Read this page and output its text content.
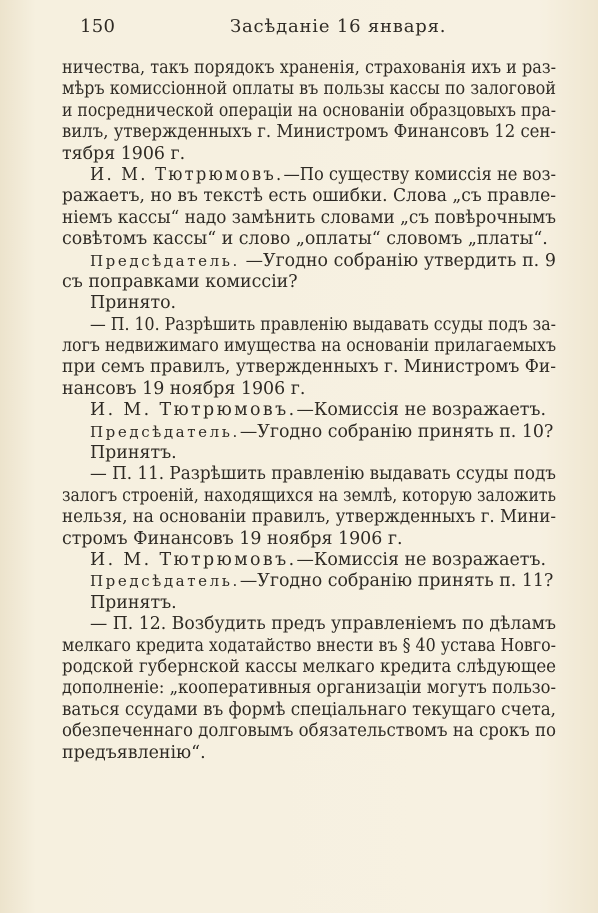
150	Засѣданіе 16 января.
ничества, такъ порядокъ храненія, страхованія ихъ и раз-
мѣръ комиссіонной оплаты въ пользы кассы по залоговой
и посреднической операціи на основаніи образцовыхъ пра-
вилъ, утвержденныхъ г. Министромъ Финансовъ 12 сен-
тября 1906 г.
И. М. Тютрюмовъ.—По существу комиссія не воз-
ражаетъ, но въ текстѣ есть ошибки. Слова „съ правле-
ніемъ кассы“ надо замѣнить словами „съ повѣрочнымъ
совѣтомъ кассы“ и слово „оплаты“ словомъ „платы“.
Предсѣдатель. —Угодно собранію утвердить п. 9
съ поправками комиссіи?
Принято.
— П. 10. Разрѣшить правленію выдавать ссуды подъ за-
логъ недвижимаго имущества на основаніи прилагаемыхъ
при семъ правилъ, утвержденныхъ г. Министромъ Фи-
нансовъ 19 ноября 1906 г.
И. М. Тютрюмовъ.—Комиссія не возражаетъ.
Предсѣдатель.—Угодно собранію принять п. 10?
Принятъ.
— П. 11. Разрѣшить правленію выдавать ссуды подъ
залогъ строеній, находящихся на землѣ, которую заложить
нельзя, на основаніи правилъ, утвержденныхъ г. Мини-
стромъ Финансовъ 19 ноября 1906 г.
И. М. Тютрюмовъ.—Комиссія не возражаетъ.
Предсѣдатель.—Угодно собранію принять п. 11?
Принятъ.
— П. 12. Возбудить предъ управленіемъ по дѣламъ
мелкаго кредита ходатайство внести въ § 40 устава Новго-
родской губернской кассы мелкаго кредита слѣдующее
дополненіе: „кооперативныя организаціи могутъ пользо-
ваться ссудами въ формѣ спеціальнаго текущаго счета,
обезпеченнаго долговымъ обязательствомъ на срокъ по
предъявленію“.
